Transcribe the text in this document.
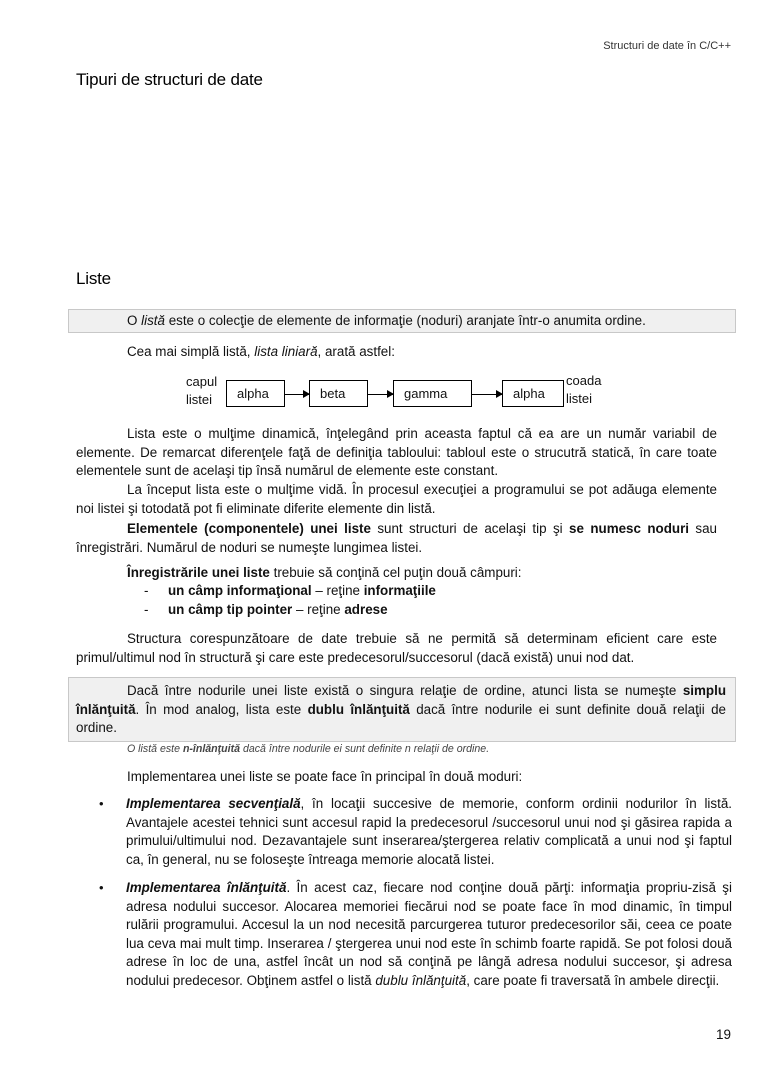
Structuri de date în C/C++
Tipuri de structuri de date
Liste
O listă este o colecţie de elemente de informaţie (noduri) aranjate într-o anumita ordine.
Cea mai simplă listă, lista liniară, arată astfel:
capul
listei	alpha	beta	gamma	alpha
coada
listei
Lista este o mulţime dinamică, înţelegând prin aceasta faptul că ea are un număr variabil de elemente. De remarcat diferenţele faţă de definiţia tabloului: tabloul este o strucutră statică, în care toate elementele sunt de acelaşi tip însă numărul de elemente este constant.
La început lista este o mulţime vidă. În procesul execuţiei a programului se pot adăuga elemente noi listei şi totodată pot fi eliminate diferite elemente din listă.
Elementele (componentele) unei liste sunt structuri de acelaşi tip şi se numesc noduri sau înregistrări. Numărul de noduri se numeşte lungimea listei.
Înregistrările unei liste trebuie să conţină cel puţin două câmpuri:
- un câmp informaţional – reţine informaţiile
- un câmp tip pointer – reţine adrese
Structura corespunzătoare de date trebuie să ne permită să determinam eficient care este primul/ultimul nod în structură şi care este predecesorul/succesorul (dacă există) unui nod dat.
Dacă între nodurile unei liste există o singura relaţie de ordine, atunci lista se numeşte simplu înlănţuită. În mod analog, lista este dublu înlănţuită dacă între nodurile ei sunt definite două relaţii de ordine.
O listă este n-înlănţuită dacă între nodurile ei sunt definite n relaţii de ordine.
Implementarea unei liste se poate face în principal în două moduri:
• Implementarea secvenţială, în locaţii succesive de memorie, conform ordinii nodurilor în listă. Avantajele acestei tehnici sunt accesul rapid la predecesorul /succesorul unui nod şi găsirea rapida a primului/ultimului nod. Dezavantajele sunt inserarea/ştergerea relativ complicată a unui nod şi faptul ca, în general, nu se foloseşte întreaga memorie alocată listei.
• Implementarea înlănţuită. În acest caz, fiecare nod conţine două părţi: informaţia propriu-zisă şi adresa nodului succesor. Alocarea memoriei fiecărui nod se poate face în mod dinamic, în timpul rulării programului. Accesul la un nod necesită parcurgerea tuturor predecesorilor săi, ceea ce poate lua ceva mai mult timp. Inserarea / ştergerea unui nod este în schimb foarte rapidă. Se pot folosi două adrese în loc de una, astfel încât un nod să conţină pe lângă adresa nodului succesor, şi adresa nodului predecesor. Obţinem astfel o listă dublu înlănţuită, care poate fi traversată în ambele direcţii.
19
